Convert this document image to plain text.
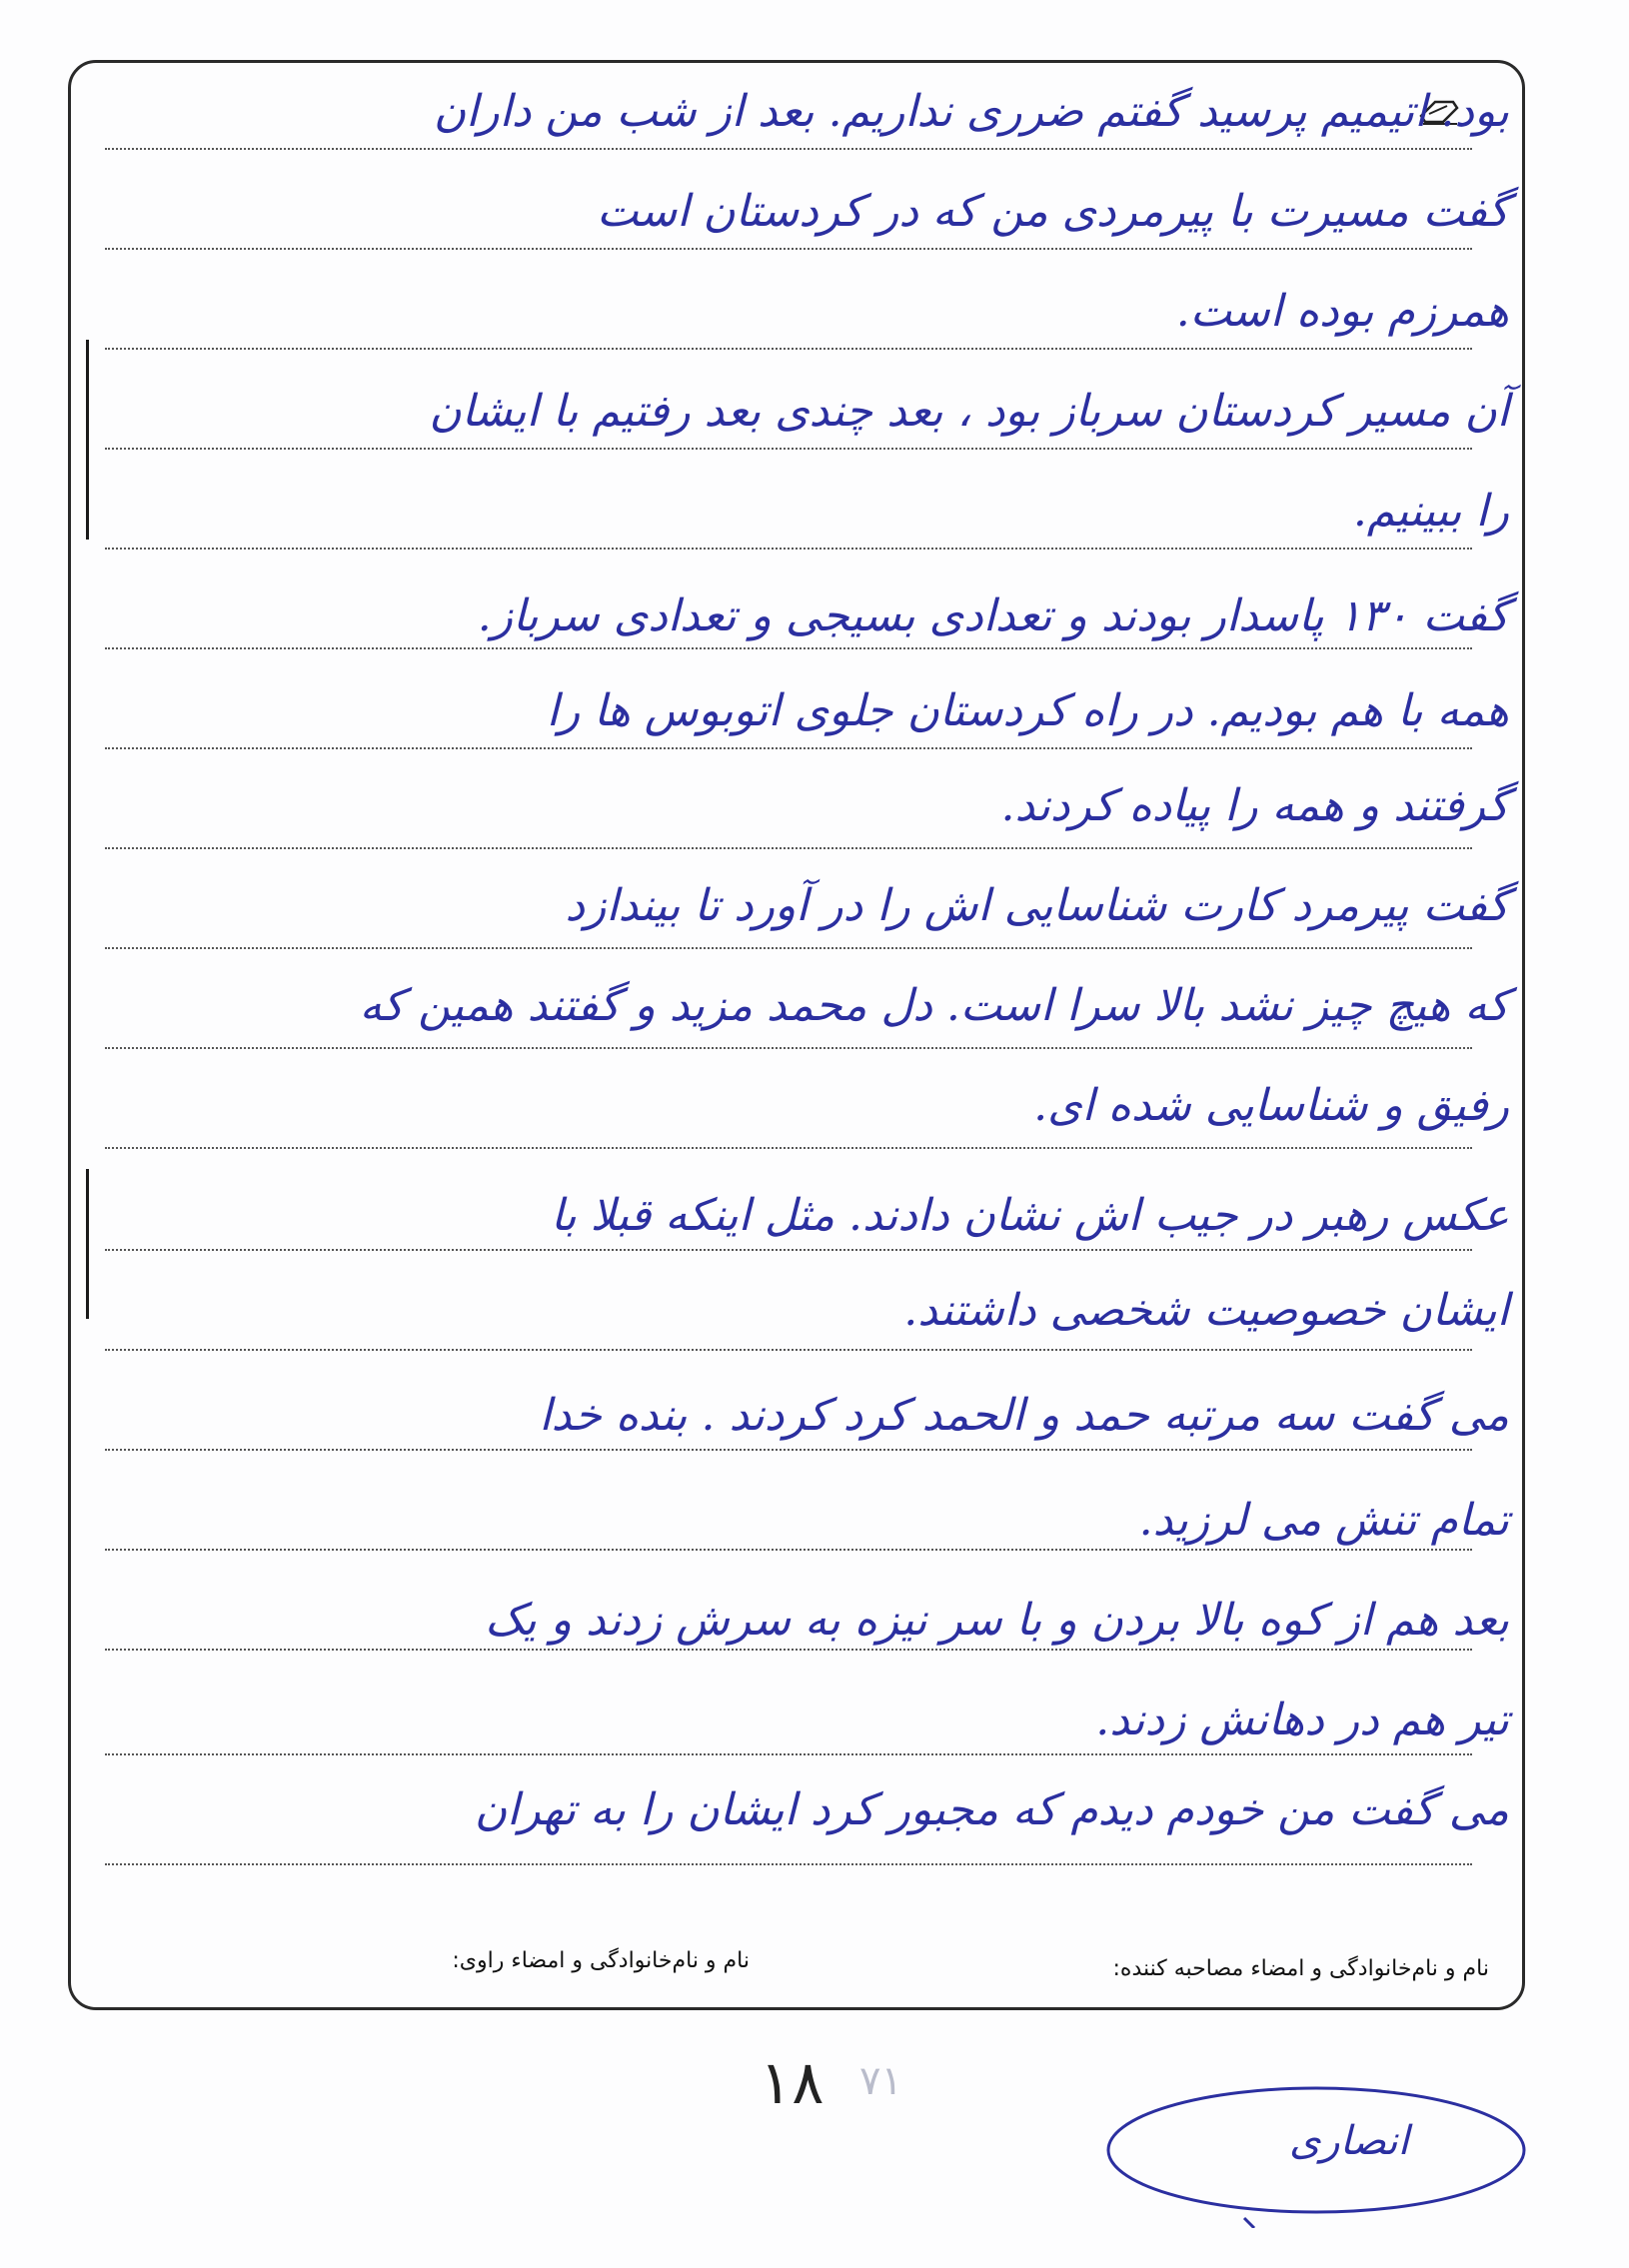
بود. اتیمیم پرسید گفتم ضرری نداریم. بعد از شب من داران
گفت مسیرت با پیرمردی من که در کردستان است
همرزم بوده است.
آن مسیر کردستان سرباز بود ، بعد چندی بعد رفتیم با ایشان
را ببینیم.
گفت ۱۳۰ پاسدار بودند و تعدادی بسیجی و تعدادی سرباز.
همه با هم بودیم. در راه کردستان جلوی اتوبوس ها را
گرفتند و همه را پیاده کردند.
گفت پیرمرد کارت شناسایی اش را در آورد تا بیندازد
که هیچ چیز نشد بالا سرا است. دل محمد مزید و گفتند همین که
رفیق و شناسایی شده ای.
عکس رهبر در جیب اش نشان دادند. مثل اینکه قبلا با
ایشان خصوصیت شخصی داشتند.
می گفت سه مرتبه حمد و الحمد کرد کردند . بنده خدا
تمام تنش می لرزید.
بعد هم از کوه بالا بردن و با سر نیزه به سرش زدند و یک
تیر هم در دهانش زدند.
می گفت من خودم دیدم که مجبور کرد ایشان را به تهران
نام و نام‌خانوادگی و امضاء مصاحبه کننده:
نام و نام‌خانوادگی و امضاء راوی:
۱۸ ۷۱
انصاری
